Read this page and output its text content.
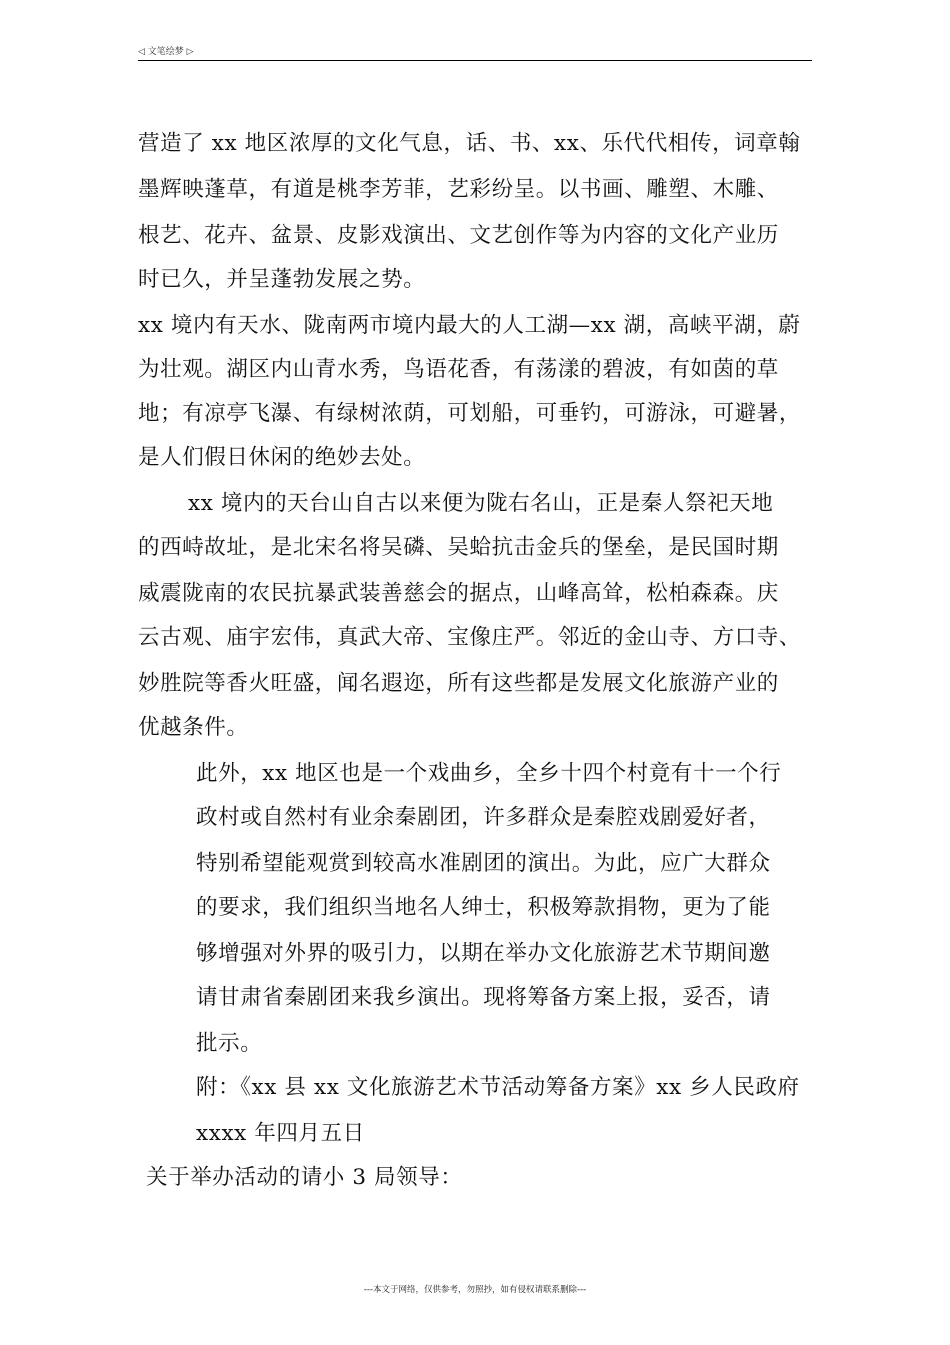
◁ 文笔绘梦 ▷
营造了 xx 地区浓厚的文化气息，话、书、xx、乐代代相传，词章翰
墨辉映蓬草，有道是桃李芳菲，艺彩纷呈。以书画、雕塑、木雕、
根艺、花卉、盆景、皮影戏演出、文艺创作等为内容的文化产业历
时已久，并呈蓬勃发展之势。
xx 境内有天水、陇南两市境内最大的人工湖—xx 湖，高峡平湖，蔚
为壮观。湖区内山青水秀，鸟语花香，有荡漾的碧波，有如茵的草
地；有凉亭飞瀑、有绿树浓荫，可划船，可垂钓，可游泳，可避暑，
是人们假日休闲的绝妙去处。
xx 境内的天台山自古以来便为陇右名山，正是秦人祭祀天地
的西峙故址，是北宋名将吴磷、吴蛤抗击金兵的堡垒，是民国时期
威震陇南的农民抗暴武装善慈会的据点，山峰高耸，松柏森森。庆
云古观、庙宇宏伟，真武大帝、宝像庄严。邻近的金山寺、方口寺、
妙胜院等香火旺盛，闻名遐迩，所有这些都是发展文化旅游产业的
优越条件。
此外，xx 地区也是一个戏曲乡，全乡十四个村竟有十一个行
政村或自然村有业余秦剧团，许多群众是秦腔戏剧爱好者，
特别希望能观赏到较高水准剧团的演出。为此，应广大群众
的要求，我们组织当地名人绅士，积极筹款捐物，更为了能
够增强对外界的吸引力，以期在举办文化旅游艺术节期间邀
请甘肃省秦剧团来我乡演出。现将筹备方案上报，妥否，请
批示。
附：《xx 县 xx 文化旅游艺术节活动筹备方案》xx 乡人民政府
xxxx 年四月五日
关于举办活动的请小 3 局领导：
---本文于网络，仅供参考，勿照抄，如有侵权请联系删除---
